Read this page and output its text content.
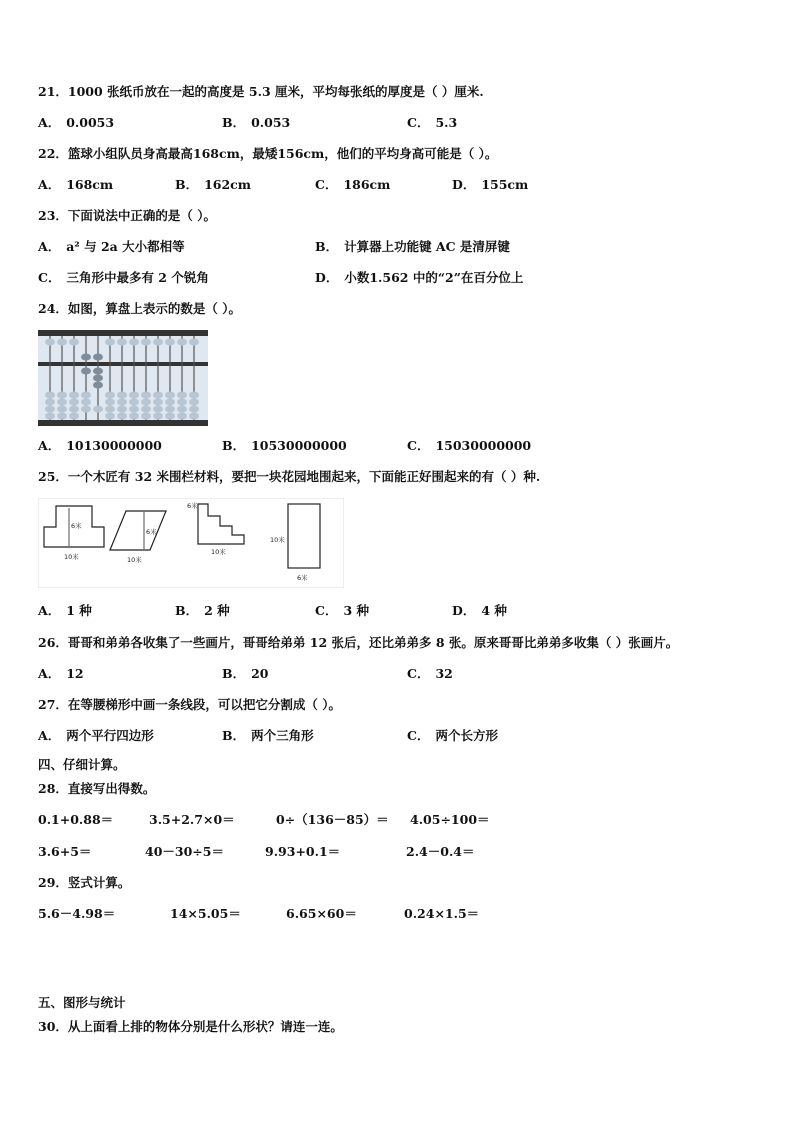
21．1000 张纸币放在一起的高度是 5.3 厘米，平均每张纸的厚度是（ ）厘米.
A． 0.0053	B． 0.053	C． 5.3
22．篮球小组队员身高最高168cm，最矮156cm，他们的平均身高可能是（ ）。
A． 168cm	B． 162cm	C． 186cm	D． 155cm
23．下面说法中正确的是（ ）。
A． a² 与 2a 大小都相等	B． 计算器上功能键 AC 是清屏键
C． 三角形中最多有 2 个锐角	D． 小数1.562 中的“2”在百分位上
24．如图，算盘上表示的数是（ ）。
A． 10130000000	B． 10530000000	C． 15030000000
25．一个木匠有 32 米围栏材料，要把一块花园地围起来，下面能正好围起来的有（ ）种.
6米
10米
6米
10米
6米
10米
10米
6米
A． 1 种	B． 2 种	C． 3 种	D． 4 种
26．哥哥和弟弟各收集了一些画片，哥哥给弟弟 12 张后，还比弟弟多 8 张。原来哥哥比弟弟多收集（ ）张画片。
A． 12	B． 20	C． 32
27．在等腰梯形中画一条线段，可以把它分割成（ ）。
A． 两个平行四边形	B． 两个三角形	C． 两个长方形
四、仔细计算。
28．直接写出得数。
0.1+0.88＝	3.5+2.7×0＝	0÷（136－85）＝ 4.05÷100＝
3.6+5＝	40－30÷5＝	9.93+0.1＝	2.4－0.4＝
29．竖式计算。
5.6－4.98＝	14×5.05＝	6.65×60＝	0.24×1.5＝
五、图形与统计
30．从上面看上排的物体分别是什么形状？请连一连。
